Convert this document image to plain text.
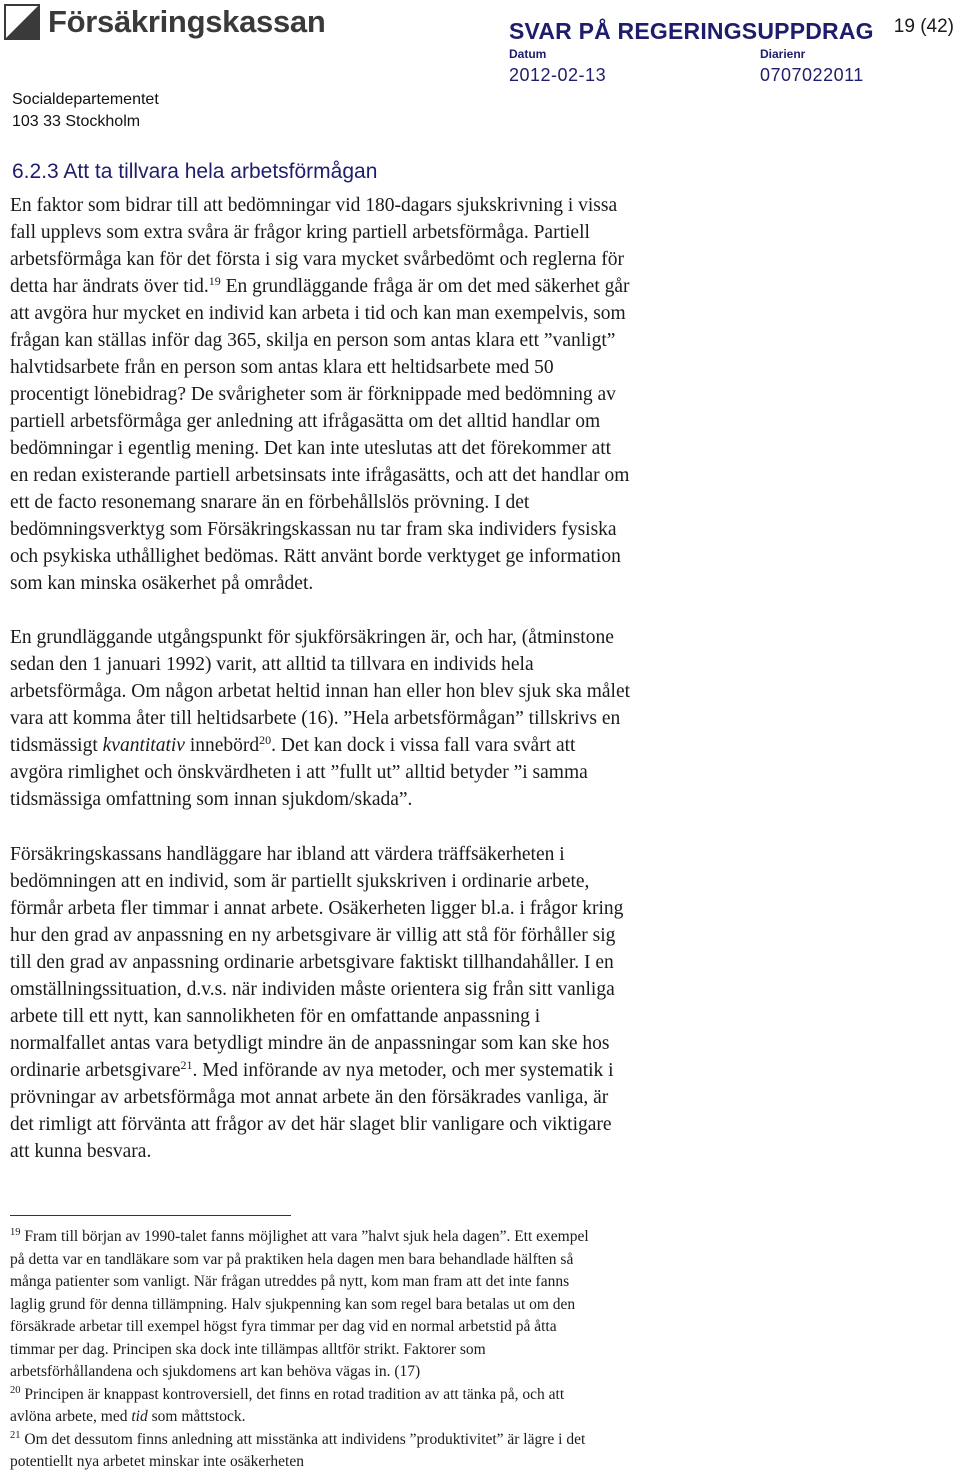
Försäkringskassan	SVAR PÅ REGERINGSUPPDRAG 19 (42)
Datum
2012-02-13
Diarienr
0707022011
Socialdepartementet
103 33 Stockholm
6.2.3 Att ta tillvara hela arbetsförmågan
En faktor som bidrar till att bedömningar vid 180-dagars sjukskrivning i vissa
fall upplevs som extra svåra är frågor kring partiell arbetsförmåga. Partiell
arbetsförmåga kan för det första i sig vara mycket svårbedömt och reglerna för
detta har ändrats över tid.$^{19}$ En grundläggande fråga är om det med säkerhet går
att avgöra hur mycket en individ kan arbeta i tid och kan man exempelvis, som
frågan kan ställas inför dag 365, skilja en person som antas klara ett ”vanligt”
halvtidsarbete från en person som antas klara ett heltidsarbete med 50
procentigt lönebidrag? De svårigheter som är förknippade med bedömning av
partiell arbetsförmåga ger anledning att ifrågasätta om det alltid handlar om
bedömningar i egentlig mening. Det kan inte uteslutas att det förekommer att
en redan existerande partiell arbetsinsats inte ifrågasätts, och att det handlar om
ett de facto resonemang snarare än en förbehållslös prövning. I det
bedömningsverktyg som Försäkringskassan nu tar fram ska individers fysiska
och psykiska uthållighet bedömas. Rätt använt borde verktyget ge information
som kan minska osäkerhet på området.
En grundläggande utgångspunkt för sjukförsäkringen är, och har, (åtminstone
sedan den 1 januari 1992) varit, att alltid ta tillvara en individs hela
arbetsförmåga. Om någon arbetat heltid innan han eller hon blev sjuk ska målet
vara att komma åter till heltidsarbete (16). ”Hela arbetsförmågan” tillskrivs en
tidsmässigt kvantitativ innebörd$^{20}$. Det kan dock i vissa fall vara svårt att
avgöra rimlighet och önskvärdheten i att ”fullt ut” alltid betyder ”i samma
tidsmässiga omfattning som innan sjukdom/skada”.
Försäkringskassans handläggare har ibland att värdera träffsäkerheten i
bedömningen att en individ, som är partiellt sjukskriven i ordinarie arbete,
förmår arbeta fler timmar i annat arbete. Osäkerheten ligger bl.a. i frågor kring
hur den grad av anpassning en ny arbetsgivare är villig att stå för förhåller sig
till den grad av anpassning ordinarie arbetsgivare faktiskt tillhandahåller. I en
omställningssituation, d.v.s. när individen måste orientera sig från sitt vanliga
arbete till ett nytt, kan sannolikheten för en omfattande anpassning i
normalfallet antas vara betydligt mindre än de anpassningar som kan ske hos
ordinarie arbetsgivare$^{21}$. Med införande av nya metoder, och mer systematik i
prövningar av arbetsförmåga mot annat arbete än den försäkrades vanliga, är
det rimligt att förvänta att frågor av det här slaget blir vanligare och viktigare
att kunna besvara.
$^{19}$ Fram till början av 1990-talet fanns möjlighet att vara ”halvt sjuk hela dagen”. Ett exempel
på detta var en tandläkare som var på praktiken hela dagen men bara behandlade hälften så
många patienter som vanligt. När frågan utreddes på nytt, kom man fram att det inte fanns
laglig grund för denna tillämpning. Halv sjukpenning kan som regel bara betalas ut om den
försäkrade arbetar till exempel högst fyra timmar per dag vid en normal arbetstid på åtta
timmar per dag. Principen ska dock inte tillämpas alltför strikt. Faktorer som
arbetsförhållandena och sjukdomens art kan behöva vägas in. (17)
$^{20}$ Principen är knappast kontroversiell, det finns en rotad tradition av att tänka på, och att
avlöna arbete, med tid som måttstock.
$^{21}$ Om det dessutom finns anledning att misstänka att individens ”produktivitet” är lägre i det
potentiellt nya arbetet minskar inte osäkerheten
